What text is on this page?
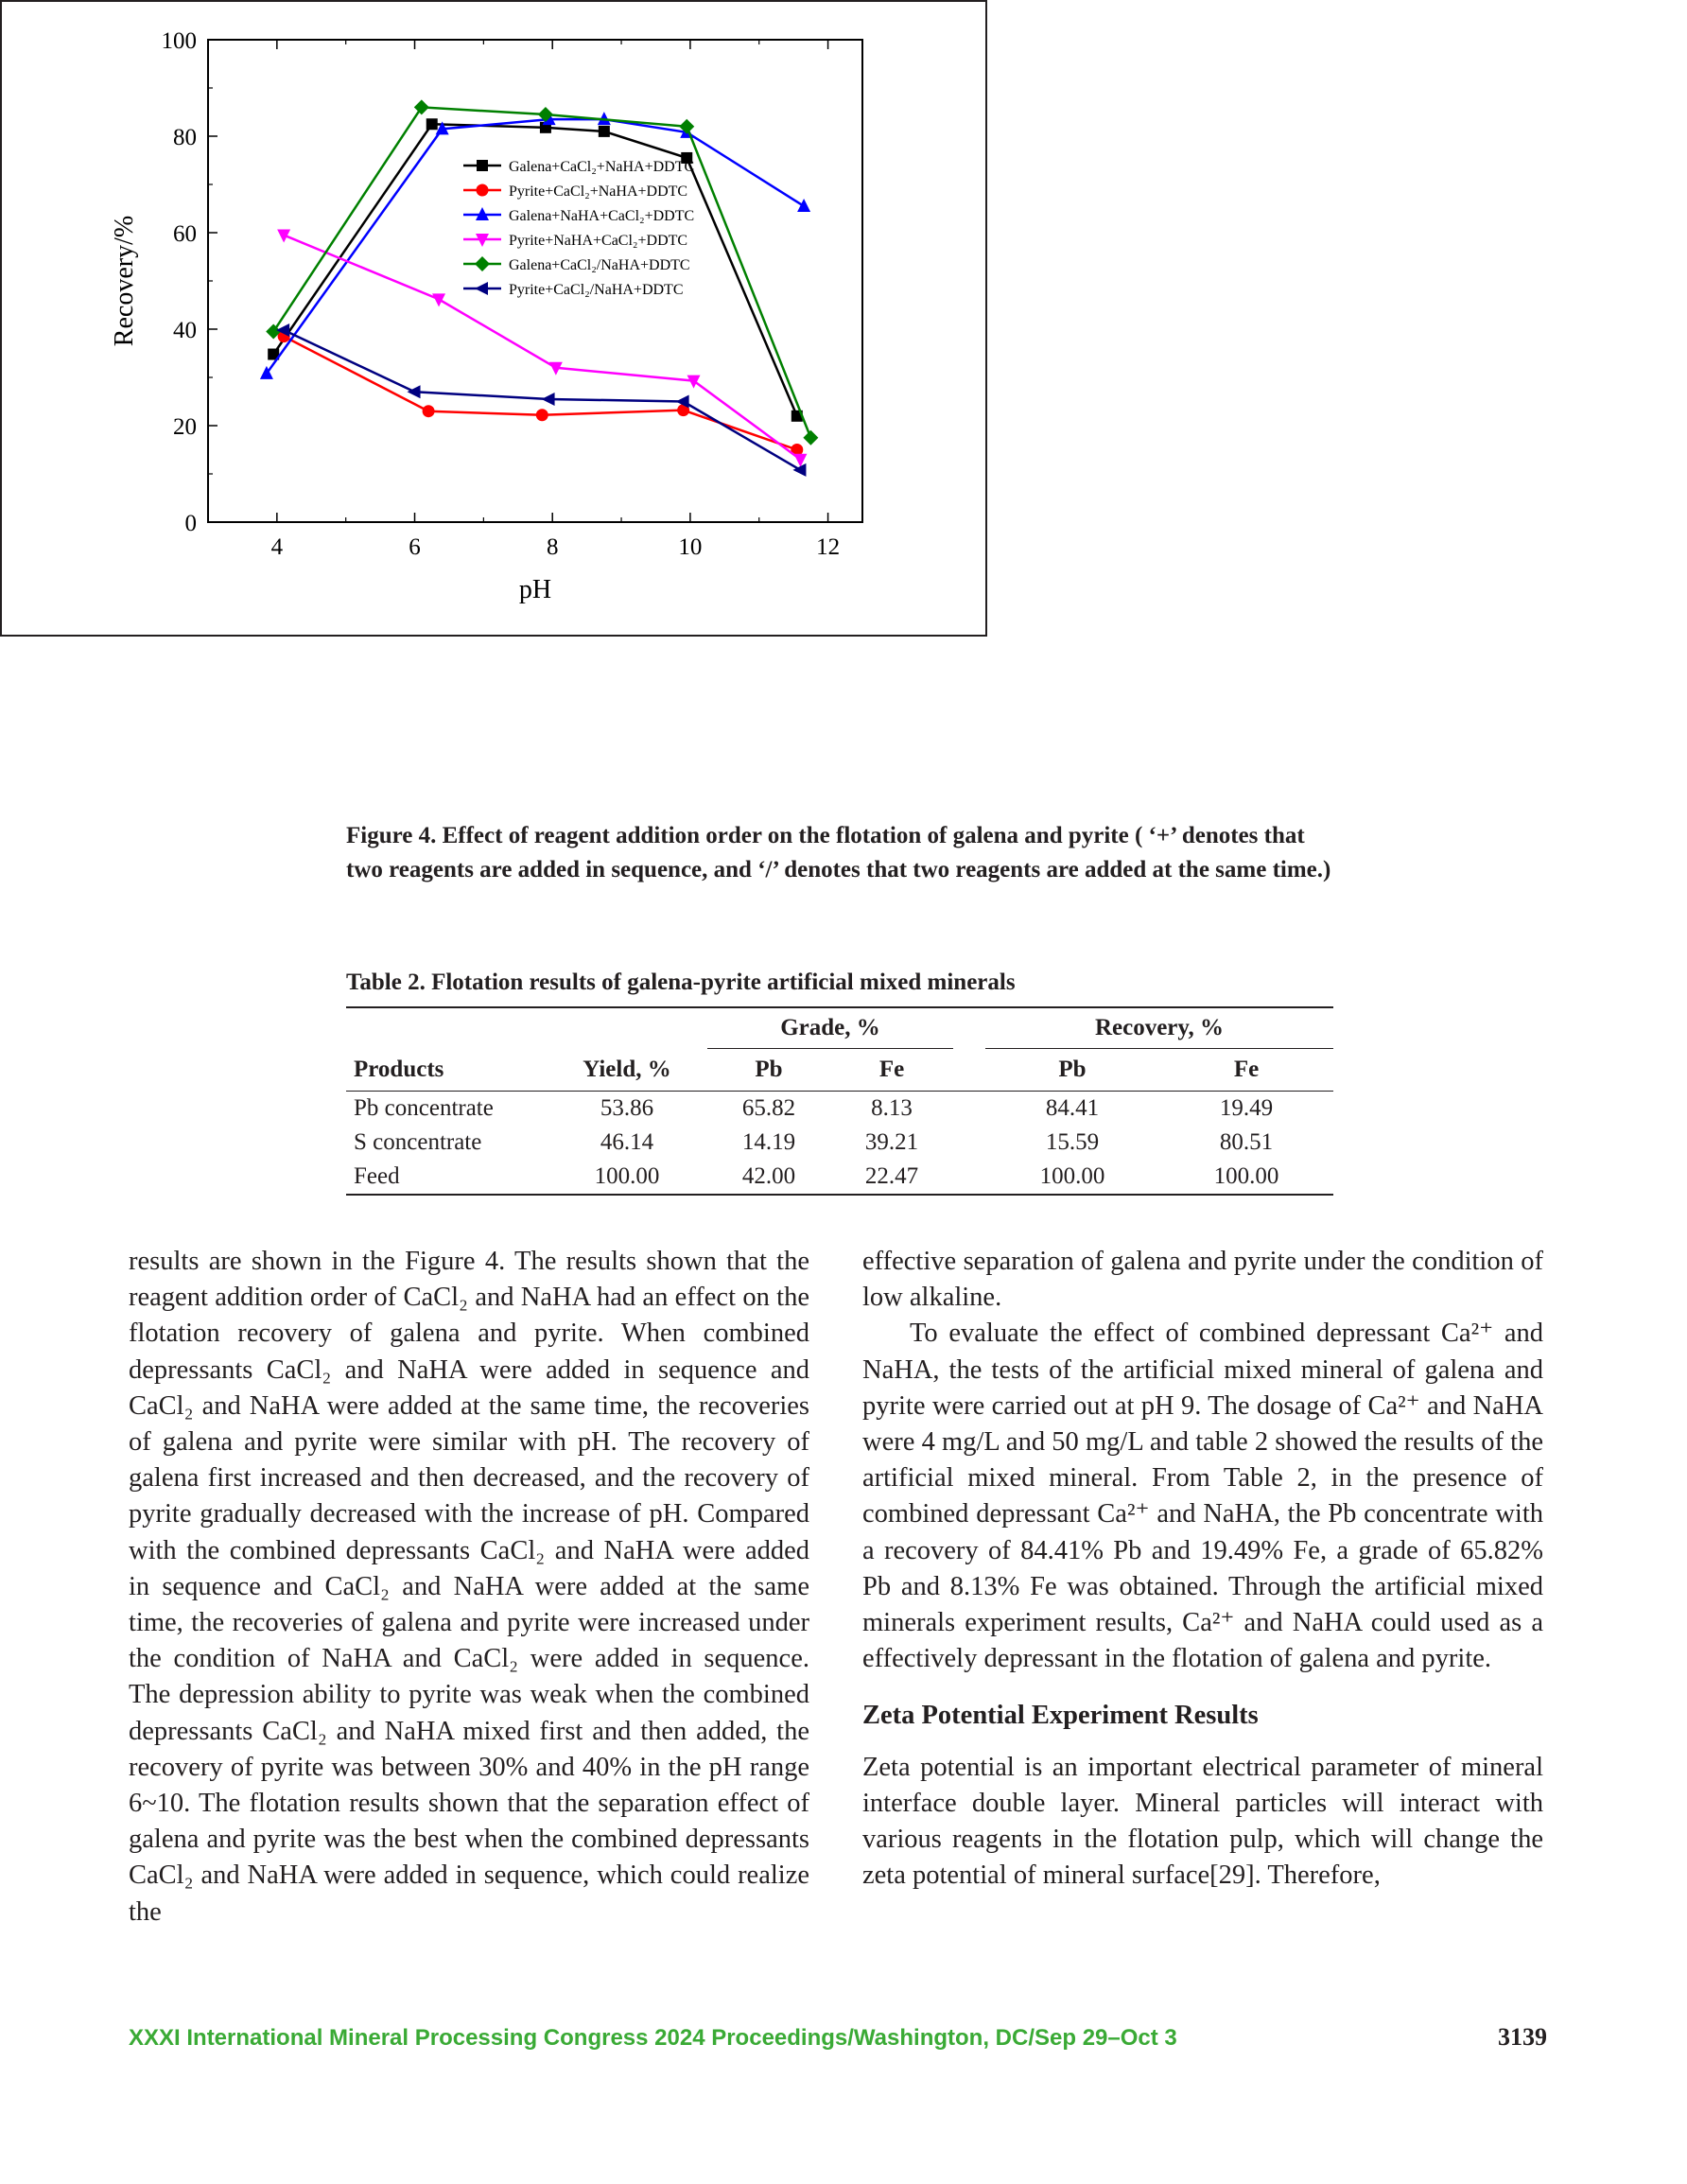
4	6	8	10	12
0
20
40
60
80
100
pH
Recovery/%
Galena+CaCl₂+NaHA+DDTC
Pyrite+CaCl₂+NaHA+DDTC
Galena+NaHA+CaCl₂+DDTC
Pyrite+NaHA+CaCl₂+DDTC
Galena+CaCl₂/NaHA+DDTC
Pyrite+CaCl₂/NaHA+DDTC
Figure 4. Effect of reagent addition order on the flotation of galena and pyrite ( ‘+’ denotes that two reagents are added in sequence, and ‘/’ denotes that two reagents are added at the same time.)
Table 2. Flotation results of galena-pyrite artificial mixed minerals
		Grade, %			Recovery, %	
Products	Yield, %	Pb	Fe		Pb	Fe
Pb concentrate	53.86	65.82	8.13		84.41	19.49
S concentrate	46.14	14.19	39.21		15.59	80.51
Feed	100.00	42.00	22.47		100.00	100.00

results are shown in the Figure 4. The results shown that the reagent addition order of CaCl₂ and NaHA had an effect on the flotation recovery of galena and pyrite. When combined depressants CaCl₂ and NaHA were added in sequence and CaCl₂ and NaHA were added at the same time, the recoveries of galena and pyrite were similar with pH. The recovery of galena first increased and then decreased, and the recovery of pyrite gradually decreased with the increase of pH. Compared with the combined depressants CaCl₂ and NaHA were added in sequence and CaCl₂ and NaHA were added at the same time, the recoveries of galena and pyrite were increased under the condition of NaHA and CaCl₂ were added in sequence. The depression ability to pyrite was weak when the combined depressants CaCl₂ and NaHA mixed first and then added, the recovery of pyrite was between 30% and 40% in the pH range 6~10. The flotation results shown that the separation effect of galena and pyrite was the best when the combined depressants CaCl₂ and NaHA were added in sequence, which could realize the

effective separation of galena and pyrite under the condition of low alkaline.

To evaluate the effect of combined depressant Ca²⁺ and NaHA, the tests of the artificial mixed mineral of galena and pyrite were carried out at pH 9. The dosage of Ca²⁺ and NaHA were 4 mg/L and 50 mg/L and table 2 showed the results of the artificial mixed mineral. From Table 2, in the presence of combined depressant Ca²⁺ and NaHA, the Pb concentrate with a recovery of 84.41% Pb and 19.49% Fe, a grade of 65.82% Pb and 8.13% Fe was obtained. Through the artificial mixed minerals experiment results, Ca²⁺ and NaHA could used as a effectively depressant in the flotation of galena and pyrite.

Zeta Potential Experiment Results

Zeta potential is an important electrical parameter of mineral interface double layer. Mineral particles will interact with various reagents in the flotation pulp, which will change the zeta potential of mineral surface[29]. Therefore,

XXXI International Mineral Processing Congress 2024 Proceedings/Washington, DC/Sep 29–Oct 3	3139
